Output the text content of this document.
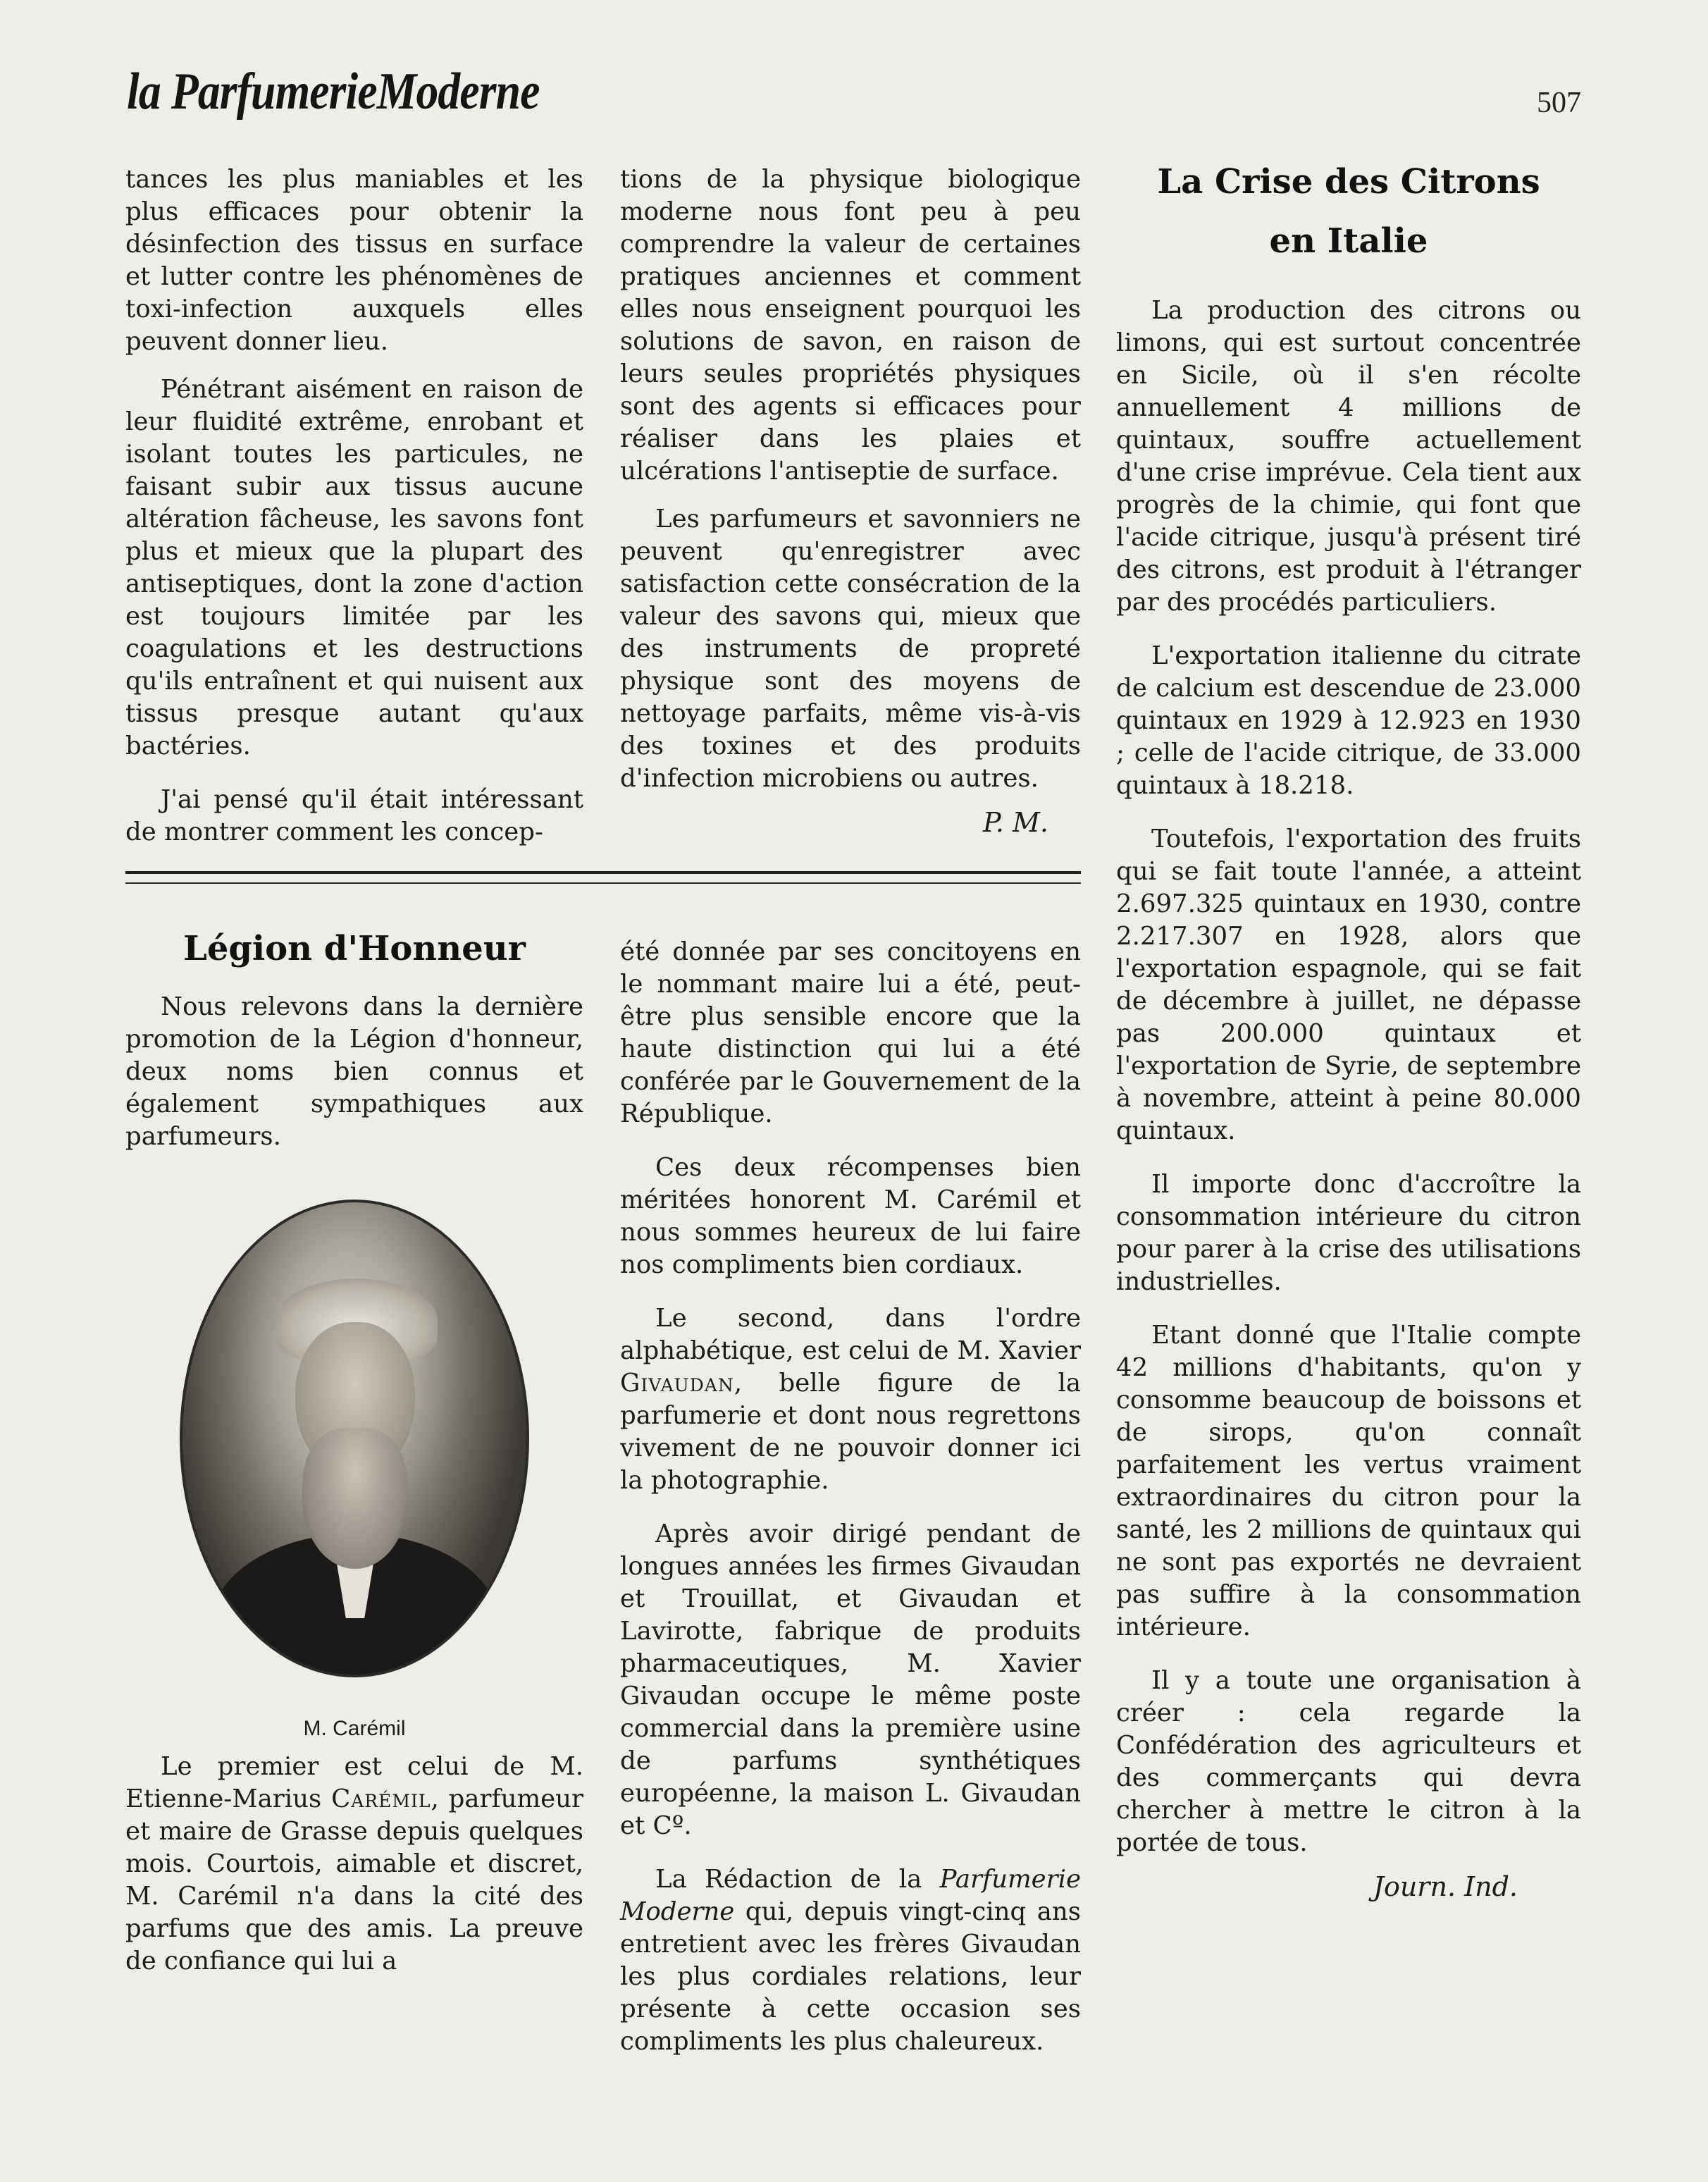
la ParfumerieModerne	507

tances les plus maniables et les plus efficaces pour obtenir la désinfection des tissus en surface et lutter contre les phénomènes de toxi-infection auxquels elles peuvent donner lieu.

Pénétrant aisément en raison de leur fluidité extrême, enrobant et isolant toutes les particules, ne faisant subir aux tissus aucune altération fâcheuse, les savons font plus et mieux que la plupart des antiseptiques, dont la zone d'action est toujours limitée par les coagulations et les destructions qu'ils entraînent et qui nuisent aux tissus presque autant qu'aux bactéries.

J'ai pensé qu'il était intéressant de montrer comment les concep-

tions de la physique biologique moderne nous font peu à peu comprendre la valeur de certaines pratiques anciennes et comment elles nous enseignent pourquoi les solutions de savon, en raison de leurs seules propriétés physiques sont des agents si efficaces pour réaliser dans les plaies et ulcérations l'antiseptie de surface.

Les parfumeurs et savonniers ne peuvent qu'enregistrer avec satisfaction cette consécration de la valeur des savons qui, mieux que des instruments de propreté physique sont des moyens de nettoyage parfaits, même vis-à-vis des toxines et des produits d'infection microbiens ou autres.

P. M.
La Crise des Citrons
en Italie

La production des citrons ou limons, qui est surtout concentrée en Sicile, où il s'en récolte annuellement 4 millions de quintaux, souffre actuellement d'une crise imprévue. Cela tient aux progrès de la chimie, qui font que l'acide citrique, jusqu'à présent tiré des citrons, est produit à l'étranger par des procédés particuliers.

L'exportation italienne du citrate de calcium est descendue de 23.000 quintaux en 1929 à 12.923 en 1930 ; celle de l'acide citrique, de 33.000 quintaux à 18.218.

Toutefois, l'exportation des fruits qui se fait toute l'année, a atteint 2.697.325 quintaux en 1930, contre 2.217.307 en 1928, alors que l'exportation espagnole, qui se fait de décembre à juillet, ne dépasse pas 200.000 quintaux et l'exportation de Syrie, de septembre à novembre, atteint à peine 80.000 quintaux.

Il importe donc d'accroître la consommation intérieure du citron pour parer à la crise des utilisations industrielles.

Etant donné que l'Italie compte 42 millions d'habitants, qu'on y consomme beaucoup de boissons et de sirops, qu'on connaît parfaitement les vertus vraiment extraordinaires du citron pour la santé, les 2 millions de quintaux qui ne sont pas exportés ne devraient pas suffire à la consommation intérieure.

Il y a toute une organisation à créer : cela regarde la Confédération des agriculteurs et des commerçants qui devra chercher à mettre le citron à la portée de tous.

Journ. Ind.
Légion d'Honneur

Nous relevons dans la dernière promotion de la Légion d'honneur, deux noms bien connus et également sympathiques aux parfumeurs.

M. Carémil

Le premier est celui de M. Etienne-Marius Carémil, parfumeur et maire de Grasse depuis quelques mois. Courtois, aimable et discret, M. Carémil n'a dans la cité des parfums que des amis. La preuve de confiance qui lui a

été donnée par ses concitoyens en le nommant maire lui a été, peut-être plus sensible encore que la haute distinction qui lui a été conférée par le Gouvernement de la République.

Ces deux récompenses bien méritées honorent M. Carémil et nous sommes heureux de lui faire nos compliments bien cordiaux.

Le second, dans l'ordre alphabétique, est celui de M. Xavier Givaudan, belle figure de la parfumerie et dont nous regrettons vivement de ne pouvoir donner ici la photographie.

Après avoir dirigé pendant de longues années les firmes Givaudan et Trouillat, et Givaudan et Lavirotte, fabrique de produits pharmaceutiques, M. Xavier Givaudan occupe le même poste commercial dans la première usine de parfums synthétiques européenne, la maison L. Givaudan et Cº.

La Rédaction de la Parfumerie Moderne qui, depuis vingt-cinq ans entretient avec les frères Givaudan les plus cordiales relations, leur présente à cette occasion ses compliments les plus chaleureux.
